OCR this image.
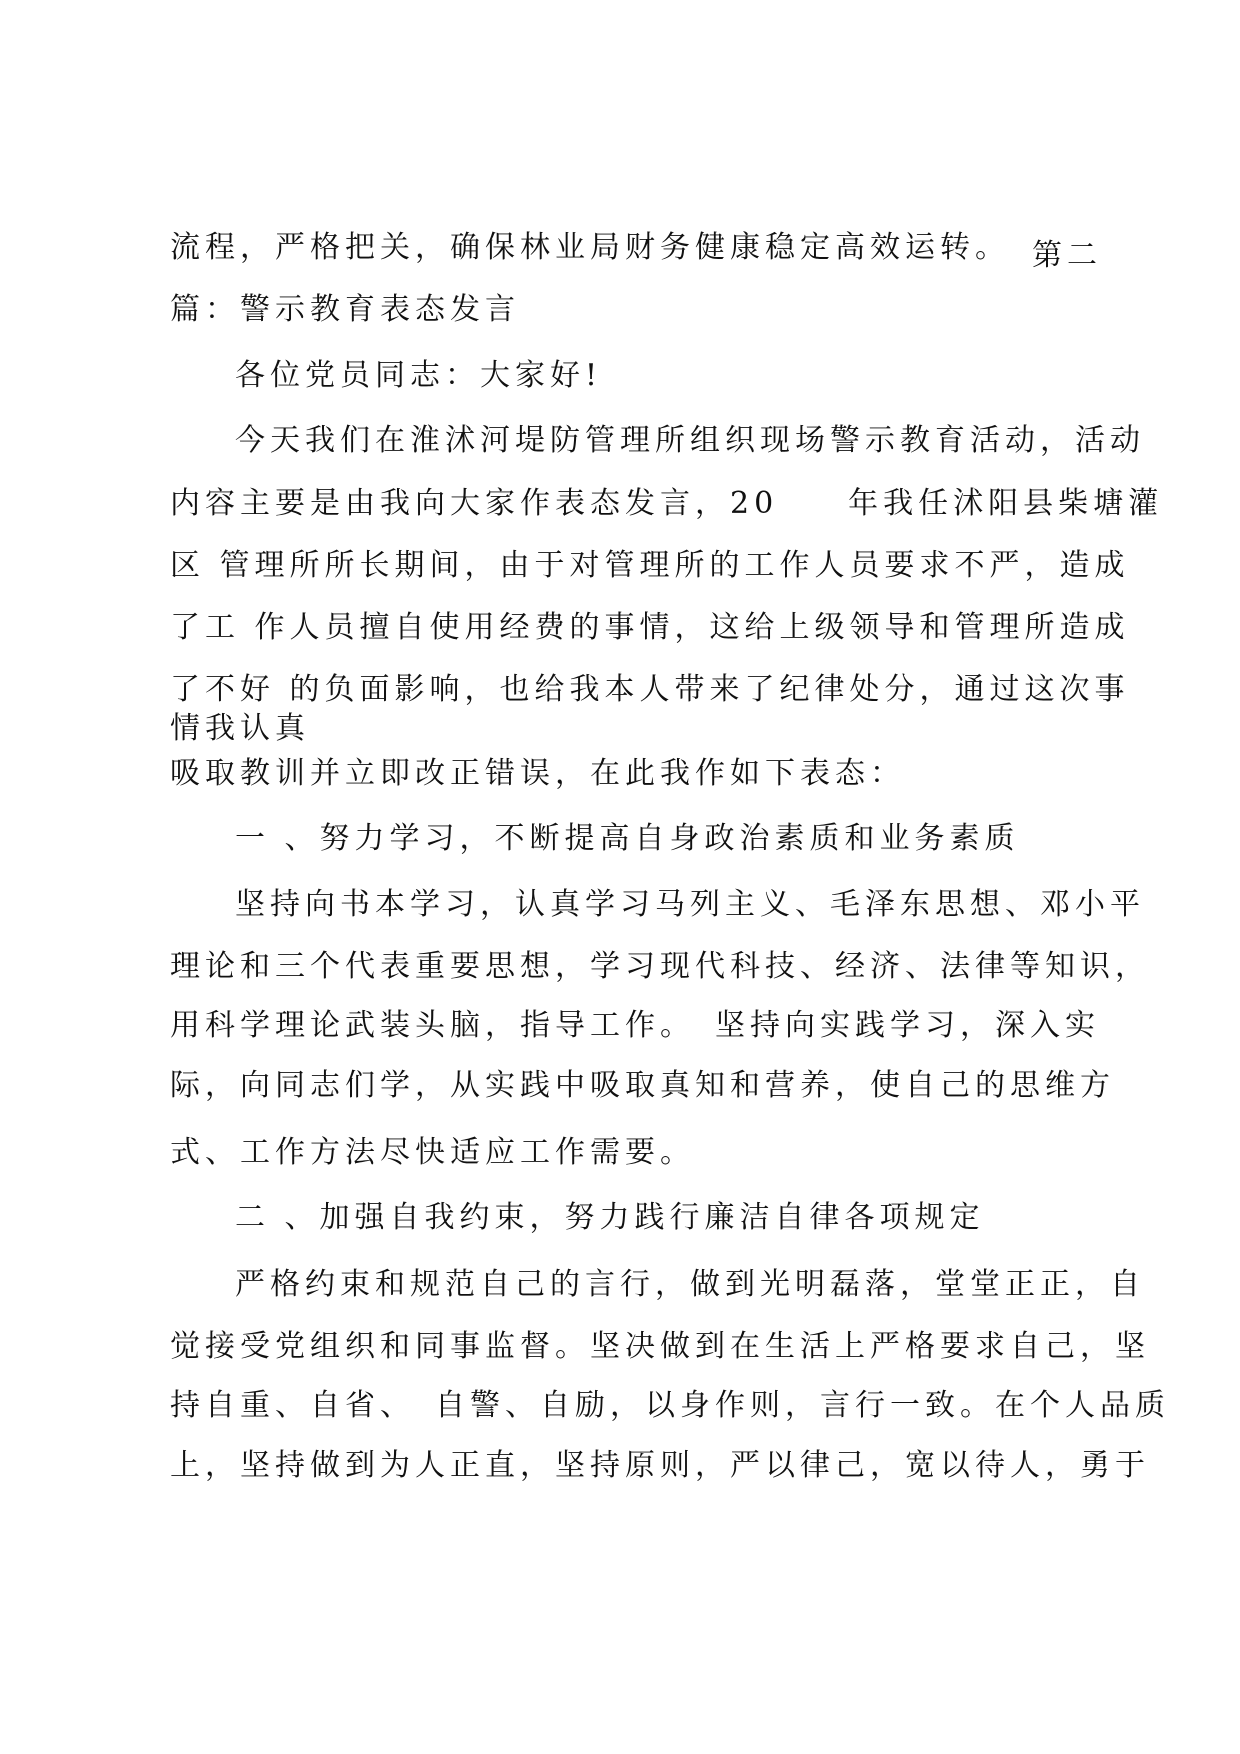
流程，严格把关，确保林业局财务健康稳定高效运转。 第二
篇：警示教育表态发言
各位党员同志：大家好!
今天我们在淮沭河堤防管理所组织现场警示教育活动，活动
内容主要是由我向大家作表态发言，20　　年我任沭阳县柴塘灌
区 管理所所长期间，由于对管理所的工作人员要求不严，造成
了工 作人员擅自使用经费的事情，这给上级领导和管理所造成
了不好 的负面影响，也给我本人带来了纪律处分，通过这次事
情我认真
吸取教训并立即改正错误，在此我作如下表态：
一 、努力学习，不断提高自身政治素质和业务素质
坚持向书本学习，认真学习马列主义、毛泽东思想、邓小平
理论和三个代表重要思想，学习现代科技、经济、法律等知识，
用科学理论武装头脑，指导工作。　坚持向实践学习，深入实
际，向同志们学，从实践中吸取真知和营养，使自己的思维方
式、工作方法尽快适应工作需要。
二 、加强自我约束，努力践行廉洁自律各项规定
严格约束和规范自己的言行，做到光明磊落，堂堂正正，自
觉接受党组织和同事监督。坚决做到在生活上严格要求自己，坚
持自重、自省、　自警、自励，以身作则，言行一致。在个人品质
上，坚持做到为人正直，坚持原则，严以律己，宽以待人，勇于
